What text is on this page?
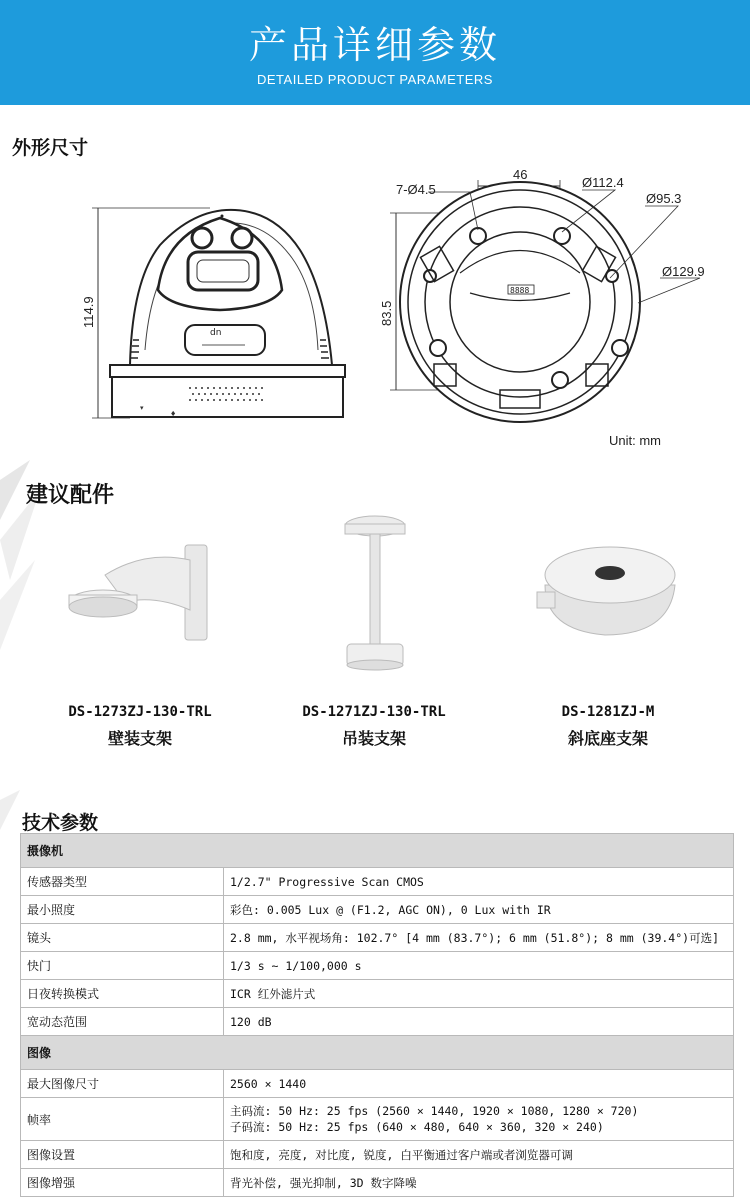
产品详细参数
DETAILED PRODUCT PARAMETERS
外形尺寸
dn
▾
♦
114.9
8888
7-Ø4.5
46
Ø112.4
Ø95.3
Ø129.9
83.5
Unit: mm
建议配件
DS-1273ZJ-130-TRL
壁装支架
DS-1271ZJ-130-TRL
吊装支架
DS-1281ZJ-M
斜底座支架
技术参数
摄像机	
传感器类型	1/2.7" Progressive Scan CMOS
最小照度	彩色: 0.005 Lux @ (F1.2, AGC ON), 0 Lux with IR
镜头	2.8 mm, 水平视场角: 102.7° [4 mm (83.7°); 6 mm (51.8°); 8 mm (39.4°)可选]
快门	1/3 s ~ 1/100,000 s
日夜转换模式	ICR 红外滤片式
宽动态范围	120 dB
图像	
最大图像尺寸	2560 × 1440
帧率	主码流: 50 Hz: 25 fps (2560 × 1440, 1920 × 1080, 1280 × 720)
子码流: 50 Hz: 25 fps (640 × 480, 640 × 360, 320 × 240)

图像设置	饱和度, 亮度, 对比度, 锐度, 白平衡通过客户端或者浏览器可调
图像增强	背光补偿, 强光抑制, 3D 数字降噪
